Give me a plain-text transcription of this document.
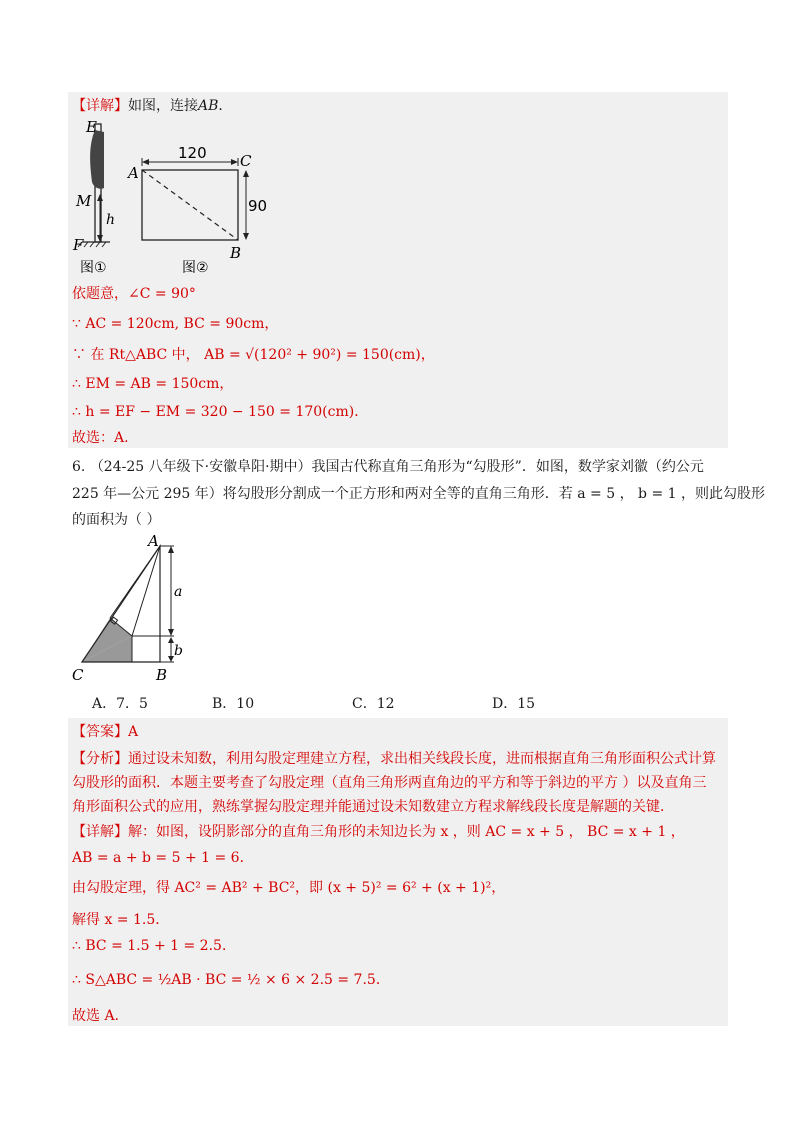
【详解】如图，连接AB．
E
M
F
h
120
90
A
C
B
图①	图②
依题意，∠C = 90°
∵ AC = 120cm, BC = 90cm，
∵ 在 Rt△ABC 中， AB = √(120² + 90²) = 150(cm)，
∴ EM = AB = 150cm，
∴ h = EF − EM = 320 − 150 = 170(cm)．
故选：A.
6. （24-25 八年级下·安徽阜阳·期中）我国古代称直角三角形为“勾股形”．如图，数学家刘徽（约公元
225 年—公元 295 年）将勾股形分割成一个正方形和两对全等的直角三角形．若 a = 5 ， b = 1 ，则此勾股形
的面积为（ ）
a
b
A
C	B
A．7．5	B．10	C．12	D．15
【答案】A
【分析】通过设未知数，利用勾股定理建立方程，求出相关线段长度，进而根据直角三角形面积公式计算
勾股形的面积．本题主要考查了勾股定理（直角三角形两直角边的平方和等于斜边的平方 ）以及直角三
角形面积公式的应用，熟练掌握勾股定理并能通过设未知数建立方程求解线段长度是解题的关键．
【详解】解：如图，设阴影部分的直角三角形的未知边长为 x ，则 AC = x + 5 ， BC = x + 1 ，
AB = a + b = 5 + 1 = 6．
由勾股定理，得 AC² = AB² + BC²，即 (x + 5)² = 6² + (x + 1)²，
解得 x = 1.5．
∴ BC = 1.5 + 1 = 2.5．
∴ S△ABC = ½AB · BC = ½ × 6 × 2.5 = 7.5．
故选 A.
